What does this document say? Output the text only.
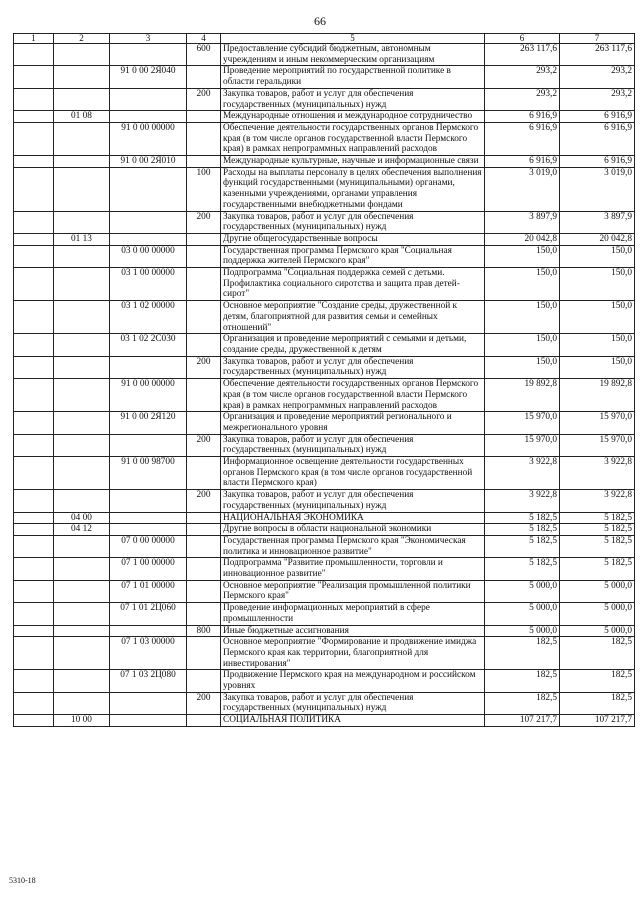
66
1	2	3	4	5	6	7
			600	Предоставление субсидий бюджетным, автономным учреждениям и иным некоммерческим организациям	263 117,6	263 117,6
		91 0 00 2Я040		Проведение мероприятий по государственной политике в области геральдики	293,2	293,2
			200	Закупка товаров, работ и услуг для обеспечения государственных (муниципальных) нужд	293,2	293,2
	01 08			Международные отношения и международное сотрудничество	6 916,9	6 916,9
		91 0 00 00000		Обеспечение деятельности государственных органов Пермского края (в том числе органов государственной власти Пермского края) в рамках непрограммных направлений расходов	6 916,9	6 916,9
		91 0 00 2Я010		Международные культурные, научные и информационные связи	6 916,9	6 916,9
			100	Расходы на выплаты персоналу в целях обеспечения выполнения функций государственными (муниципальными) органами, казенными учреждениями, органами управления государственными внебюджетными фондами	3 019,0	3 019,0
			200	Закупка товаров, работ и услуг для обеспечения государственных (муниципальных) нужд	3 897,9	3 897,9
	01 13			Другие общегосударственные вопросы	20 042,8	20 042,8
		03 0 00 00000		Государственная программа Пермского края "Социальная поддержка жителей Пермского края"	150,0	150,0
		03 1 00 00000		Подпрограмма "Социальная поддержка семей с детьми. Профилактика социального сиротства и защита прав детей-сирот"	150,0	150,0
		03 1 02 00000		Основное мероприятие "Создание среды, дружественной к детям, благоприятной для развития семьи и семейных отношений"	150,0	150,0
		03 1 02 2С030		Организация и проведение мероприятий с семьями и детьми, создание среды, дружественной к детям	150,0	150,0
			200	Закупка товаров, работ и услуг для обеспечения государственных (муниципальных) нужд	150,0	150,0
		91 0 00 00000		Обеспечение деятельности государственных органов Пермского края (в том числе органов государственной власти Пермского края) в рамках непрограммных направлений расходов	19 892,8	19 892,8
		91 0 00 2Я120		Организация и проведение мероприятий регионального и межрегионального уровня	15 970,0	15 970,0
			200	Закупка товаров, работ и услуг для обеспечения государственных (муниципальных) нужд	15 970,0	15 970,0
		91 0 00 98700		Информационное освещение деятельности государственных органов Пермского края (в том числе органов государственной власти Пермского края)	3 922,8	3 922,8
			200	Закупка товаров, работ и услуг для обеспечения государственных (муниципальных) нужд	3 922,8	3 922,8
	04 00			НАЦИОНАЛЬНАЯ ЭКОНОМИКА	5 182,5	5 182,5
	04 12			Другие вопросы в области национальной экономики	5 182,5	5 182,5
		07 0 00 00000		Государственная программа Пермского края "Экономическая политика и инновационное развитие"	5 182,5	5 182,5
		07 1 00 00000		Подпрограмма "Развитие промышленности, торговли и инновационное развитие"	5 182,5	5 182,5
		07 1 01 00000		Основное мероприятие "Реализация промышленной политики Пермского края"	5 000,0	5 000,0
		07 1 01 2Ц060		Проведение информационных мероприятий в сфере промышленности	5 000,0	5 000,0
			800	Иные бюджетные ассигнования	5 000,0	5 000,0
		07 1 03 00000		Основное мероприятие "Формирование и продвижение имиджа Пермского края как территории, благоприятной для инвестирования"	182,5	182,5
		07 1 03 2Ц080		Продвижение Пермского края на международном и российском уровнях	182,5	182,5
			200	Закупка товаров, работ и услуг для обеспечения государственных (муниципальных) нужд	182,5	182,5
	10 00			СОЦИАЛЬНАЯ ПОЛИТИКА	107 217,7	107 217,7
5310-18
